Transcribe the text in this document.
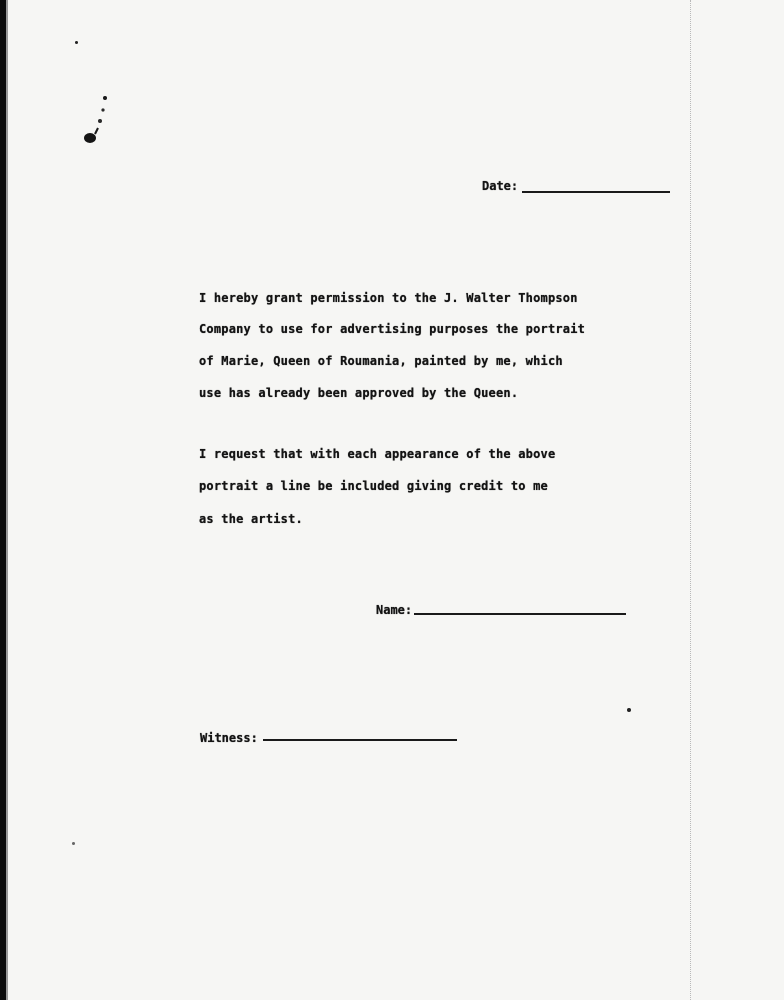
Date:
I hereby grant permission to the J. Walter Thompson
Company to use for advertising purposes the portrait
of Marie, Queen of Roumania, painted by me, which
use has already been approved by the Queen.
I request that with each appearance of the above
portrait a line be included giving credit to me
as the artist.
Name:
Witness:
